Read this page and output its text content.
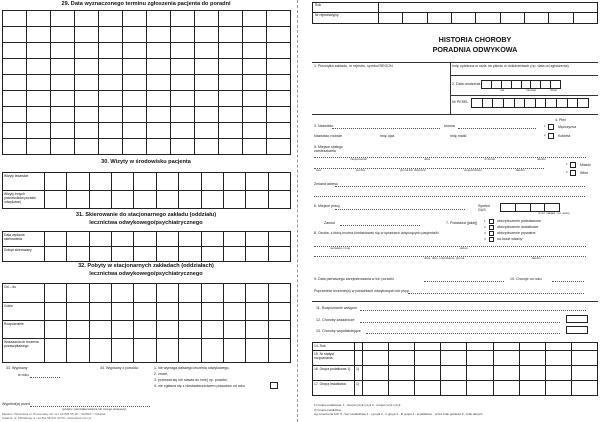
29. Data wyznaczonego terminu zgłoszenia pacjenta do poradni

30. Wizyty w środowisku pacjenta
Wizyty lekarskie											
Wizyty innych pracowników poradni odwykowej											
31. Skierowanie do stacjonarnego zakładu (oddziału)
lecznictwa odwykowego/psychiatrycznego
Data wydania skierowania											
Dokąd skierowany											
32. Pobyty w stacjonarnych zakładach (oddziałach)
lecznictwa odwykowego/psychiatrycznego
Od – do											
Gdzie											
Rozpoznanie											
Wskazania do leczenia pozaszpitalnego											
33. Wypisany
w roku
34. Wypisany z powodu:	1. nie wymaga dalszego leczenia odwykowego,
2. zmarł,
3. przerwał się nie stawia do innej np. poradni,
4. nie zgłasza się z niestawiennictwem powodów od roku
Wypełnił(a) przed
(podpis i pieczątka lekarza lub innego terapeuty)
Medica • Warszawa ul. Promenady 12 • tel. 22 835 55 18 • "ARTEX" • Gdańsk
Gdańsk, ul. Kilińskiego 4 • tel./fax 58 347 33 05 • www.artex.com.pl
Rok									
Nr rejestracyjny									
HISTORIA CHOROBY
PORADNIA ODWYKOWA
1. Pieczątka zakładu, nr rejestru, symbol REGON	Imię opiekuna w razie na piśmie w dokumentach (np. data od zgłoszenia)
2. Data urodzenia

rok	miesiąc	dzień
Nr PESEL

3. Nazwisko	Imiona
Nazwisko rodowe	Imię ojca	Imię matki
4. Płeć
1	Mężczyzna
2	Kobieta
5. Miejsce stałego zamieszkania
miejscowość	ulica	nr domu	telefon
kod	poczta	gmina lub dzielnica	województwo	telefon
1	Miasto
2	Wieś
Zmiana adresu
6. Miejsce pracy	Symbol GUS

nr tel. zakład., tel. wwny
Zawód	7. Podstawa (jakiej) 1	ubezpieczenie podstawowe
2	ubezpieczenie dodatkowe
3	ubezpieczenie prywatne
4	na koszt własny
8. Osoba, z którą można kontaktować się w sprawach dotyczących pacjenta/ki
nazwisko i imię	adres
ulica, dom, mieszkanie, gmina	telefon
9. Data pierwszego zarejestrowania w tut. poradni	10. Choruje od roku
Poprzednie leczenie(a) w poradniach odwykowych lub psyp.
11. Rozpoznanie wstępne
12. Choroby zasadnicze
13. Choroby współistniejące
14. Rok										
15. Nr statyst. rozpoznania										
16. Grupa podatkowa 1)	1)									
17. Grupa inwalidzka	1)									
1) Grupa podatkowa: 1 - Grupa ryzyk ryzyk 2 - Grupa ryzyk ryzyk
2) Grupa inwalidzka:
wg orzeczenia KIZ: 0 - bez inwalidztwa 1 - I grupa 2 - II grupa 3 - III grupa 4 - inwalidztwo - przez brak podstaw 9 - brak danych
